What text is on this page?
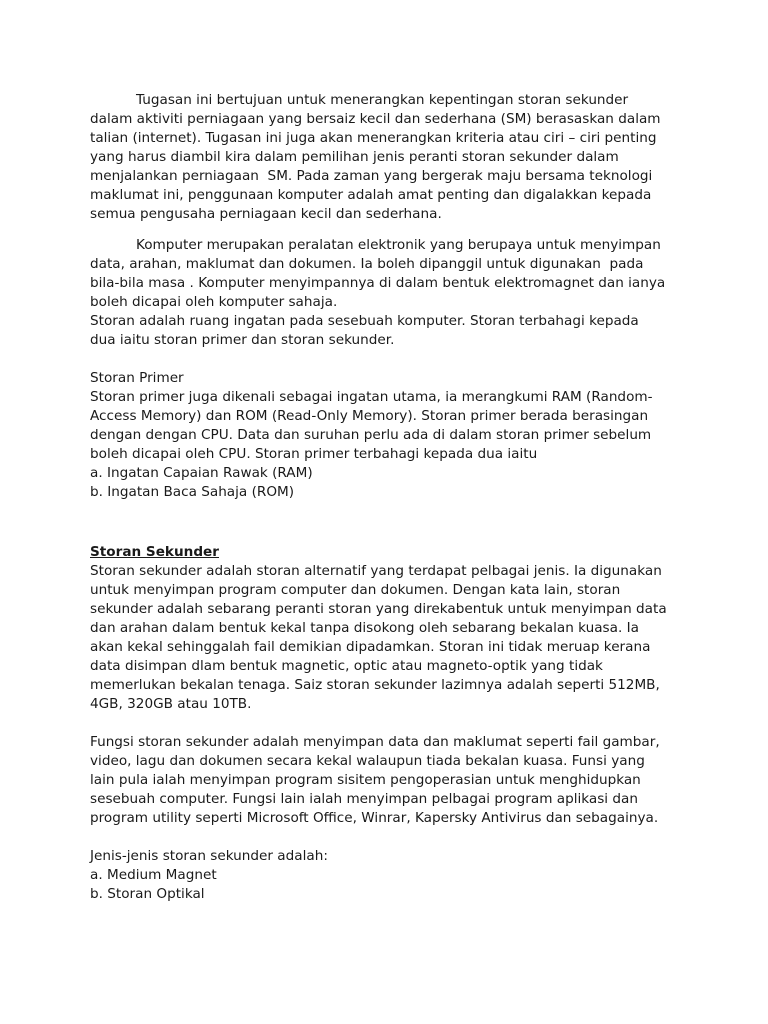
Tugasan ini bertujuan untuk menerangkan kepentingan storan sekunder
dalam aktiviti perniagaan yang bersaiz kecil dan sederhana (SM) berasaskan dalam
talian (internet). Tugasan ini juga akan menerangkan kriteria atau ciri – ciri penting
yang harus diambil kira dalam pemilihan jenis peranti storan sekunder dalam
menjalankan perniagaan  SM. Pada zaman yang bergerak maju bersama teknologi
maklumat ini, penggunaan komputer adalah amat penting dan digalakkan kepada
semua pengusaha perniagaan kecil dan sederhana.
Komputer merupakan peralatan elektronik yang berupaya untuk menyimpan
data, arahan, maklumat dan dokumen. Ia boleh dipanggil untuk digunakan  pada
bila-bila masa . Komputer menyimpannya di dalam bentuk elektromagnet dan ianya
boleh dicapai oleh komputer sahaja.
Storan adalah ruang ingatan pada sesebuah komputer. Storan terbahagi kepada
dua iaitu storan primer dan storan sekunder.
Storan Primer
Storan primer juga dikenali sebagai ingatan utama, ia merangkumi RAM (Random-
Access Memory) dan ROM (Read-Only Memory). Storan primer berada berasingan
dengan dengan CPU. Data dan suruhan perlu ada di dalam storan primer sebelum
boleh dicapai oleh CPU. Storan primer terbahagi kepada dua iaitu
a. Ingatan Capaian Rawak (RAM)
b. Ingatan Baca Sahaja (ROM)
Storan Sekunder
Storan sekunder adalah storan alternatif yang terdapat pelbagai jenis. Ia digunakan
untuk menyimpan program computer dan dokumen. Dengan kata lain, storan
sekunder adalah sebarang peranti storan yang direkabentuk untuk menyimpan data
dan arahan dalam bentuk kekal tanpa disokong oleh sebarang bekalan kuasa. Ia
akan kekal sehinggalah fail demikian dipadamkan. Storan ini tidak meruap kerana
data disimpan dlam bentuk magnetic, optic atau magneto-optik yang tidak
memerlukan bekalan tenaga. Saiz storan sekunder lazimnya adalah seperti 512MB,
4GB, 320GB atau 10TB.
Fungsi storan sekunder adalah menyimpan data dan maklumat seperti fail gambar,
video, lagu dan dokumen secara kekal walaupun tiada bekalan kuasa. Funsi yang
lain pula ialah menyimpan program sisitem pengoperasian untuk menghidupkan
sesebuah computer. Fungsi lain ialah menyimpan pelbagai program aplikasi dan
program utility seperti Microsoft Office, Winrar, Kapersky Antivirus dan sebagainya.
Jenis-jenis storan sekunder adalah:
a. Medium Magnet
b. Storan Optikal
